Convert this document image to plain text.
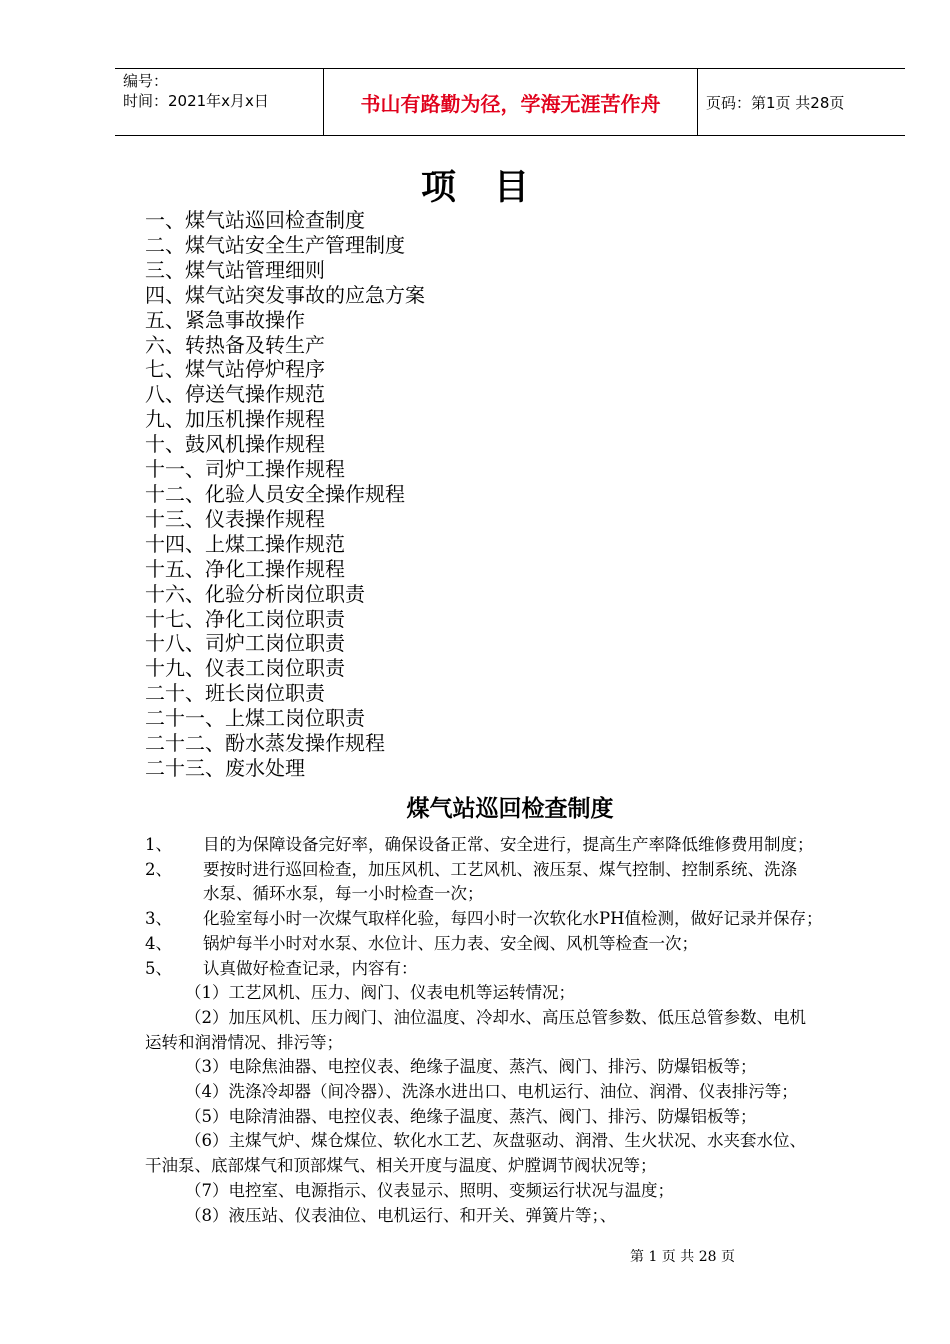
编号：
时间：2021年x月x日	书山有路勤为径，学海无涯苦作舟	页码：第1页 共28页
项目
一、煤气站巡回检查制度
二、煤气站安全生产管理制度
三、煤气站管理细则
四、煤气站突发事故的应急方案
五、紧急事故操作
六、转热备及转生产
七、煤气站停炉程序
八、停送气操作规范
九、加压机操作规程
十、鼓风机操作规程
十一、司炉工操作规程
十二、化验人员安全操作规程
十三、仪表操作规程
十四、上煤工操作规范
十五、净化工操作规程
十六、化验分析岗位职责
十七、净化工岗位职责
十八、司炉工岗位职责
十九、仪表工岗位职责
二十、班长岗位职责
二十一、上煤工岗位职责
二十二、酚水蒸发操作规程
二十三、废水处理
煤气站巡回检查制度
1、 目的为保障设备完好率，确保设备正常、安全进行，提高生产率降低维修费用制度；
2、 要按时进行巡回检查，加压风机、工艺风机、液压泵、煤气控制、控制系统、洗涤
水泵、循环水泵，每一小时检查一次；
3、 化验室每小时一次煤气取样化验，每四小时一次软化水PH值检测，做好记录并保存；
4、 锅炉每半小时对水泵、水位计、压力表、安全阀、风机等检查一次；
5、 认真做好检查记录，内容有：
（1）工艺风机、压力、阀门、仪表电机等运转情况；
（2）加压风机、压力阀门、油位温度、冷却水、高压总管参数、低压总管参数、电机
运转和润滑情况、排污等；
（3）电除焦油器、电控仪表、绝缘子温度、蒸汽、阀门、排污、防爆铝板等；
（4）洗涤冷却器（间冷器）、洗涤水进出口、电机运行、油位、润滑、仪表排污等；
（5）电除清油器、电控仪表、绝缘子温度、蒸汽、阀门、排污、防爆铝板等；
（6）主煤气炉、煤仓煤位、软化水工艺、灰盘驱动、润滑、生火状况、水夹套水位、
干油泵、底部煤气和顶部煤气、相关开度与温度、炉膛调节阀状况等；
（7）电控室、电源指示、仪表显示、照明、变频运行状况与温度；
（8）液压站、仪表油位、电机运行、和开关、弹簧片等；、
第 1 页 共 28 页
